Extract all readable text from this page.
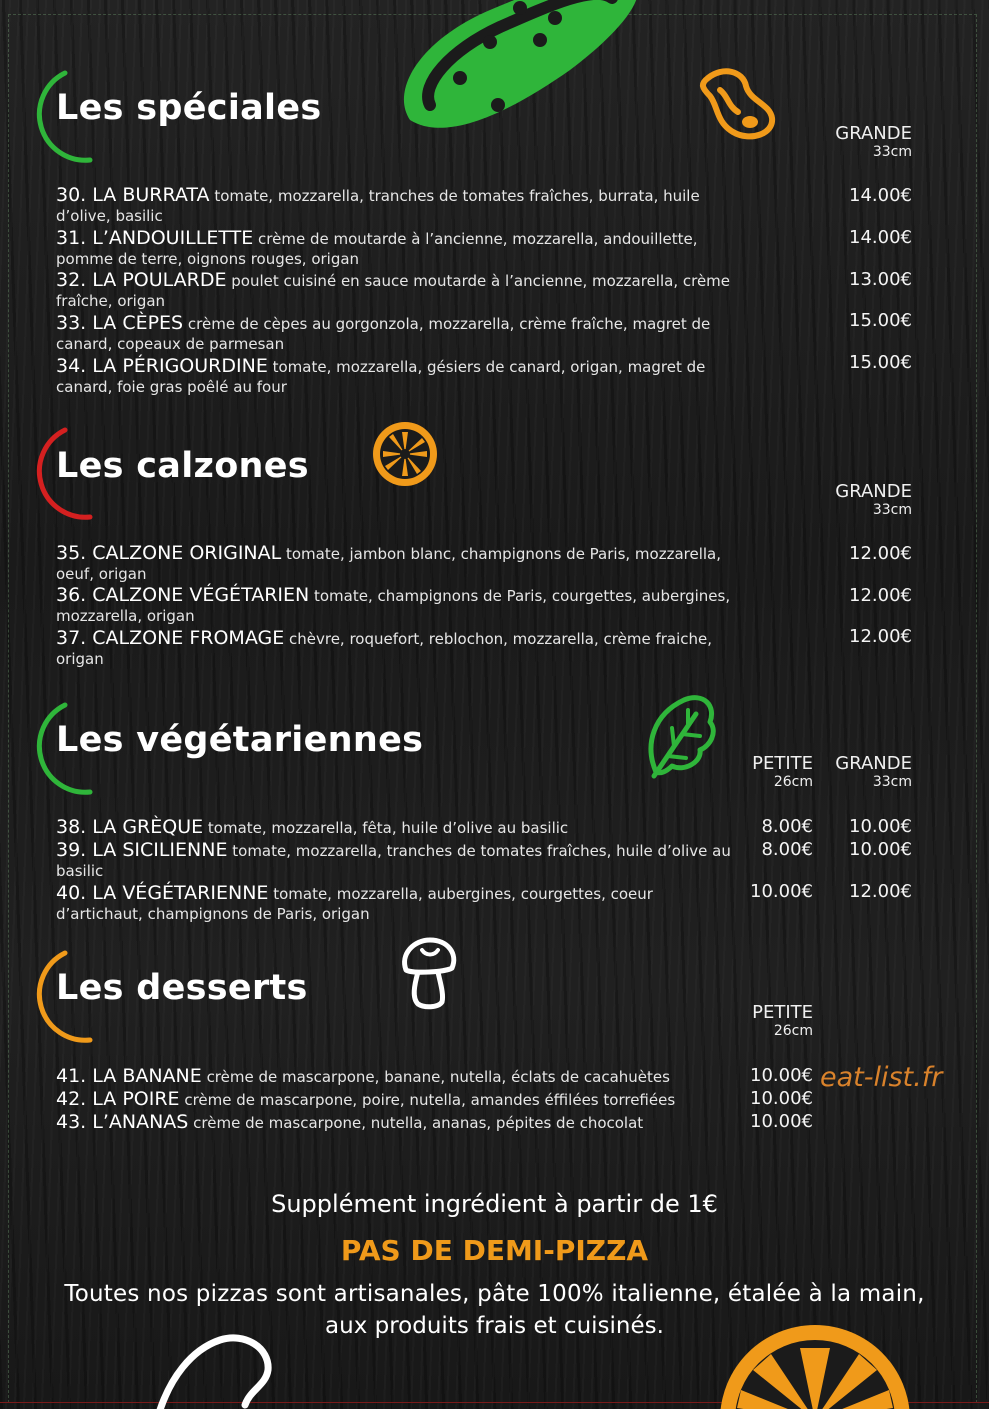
Les spéciales
GRANDE
33cm
30. LA BURRATA tomate, mozzarella, tranches de tomates fraîches, burrata, huile d’olive, basilic
14.00€
31. L’ANDOUILLETTE crème de moutarde à l’ancienne, mozzarella, andouillette, pomme de terre, oignons rouges, origan
14.00€
32. LA POULARDE poulet cuisiné en sauce moutarde à l’ancienne, mozzarella, crème fraîche, origan
13.00€
33. LA CÈPES crème de cèpes au gorgonzola, mozzarella, crème fraîche, magret de canard, copeaux de parmesan
15.00€
34. LA PÉRIGOURDINE tomate, mozzarella, gésiers de canard, origan, magret de canard, foie gras poêlé au four
15.00€
Les calzones
GRANDE
33cm
35. CALZONE ORIGINAL tomate, jambon blanc, champignons de Paris, mozzarella, oeuf, origan
12.00€
36. CALZONE VÉGÉTARIEN tomate, champignons de Paris, courgettes, aubergines, mozzarella, origan
12.00€
37. CALZONE FROMAGE chèvre, roquefort, reblochon, mozzarella, crème fraiche, origan
12.00€
Les végétariennes
PETITE
26cm
GRANDE
33cm
38. LA GRÈQUE tomate, mozzarella, fêta, huile d’olive au basilic	8.00€	10.00€
39. LA SICILIENNE tomate, mozzarella, tranches de tomates fraîches, huile d’olive au basilic
8.00€	10.00€
40. LA VÉGÉTARIENNE tomate, mozzarella, aubergines, courgettes, coeur d’artichaut, champignons de Paris, origan
10.00€	12.00€
Les desserts
PETITE
26cm
41. LA BANANE crème de mascarpone, banane, nutella, éclats de cacahuètes	10.00€
42. LA POIRE crème de mascarpone, poire, nutella, amandes éffilées torrefiées	10.00€
43. L’ANANAS crème de mascarpone, nutella, ananas, pépites de chocolat	10.00€
eat-list.fr
Supplément ingrédient à partir de 1€
PAS DE DEMI-PIZZA
Toutes nos pizzas sont artisanales, pâte 100% italienne, étalée à la main,
aux produits frais et cuisinés.
